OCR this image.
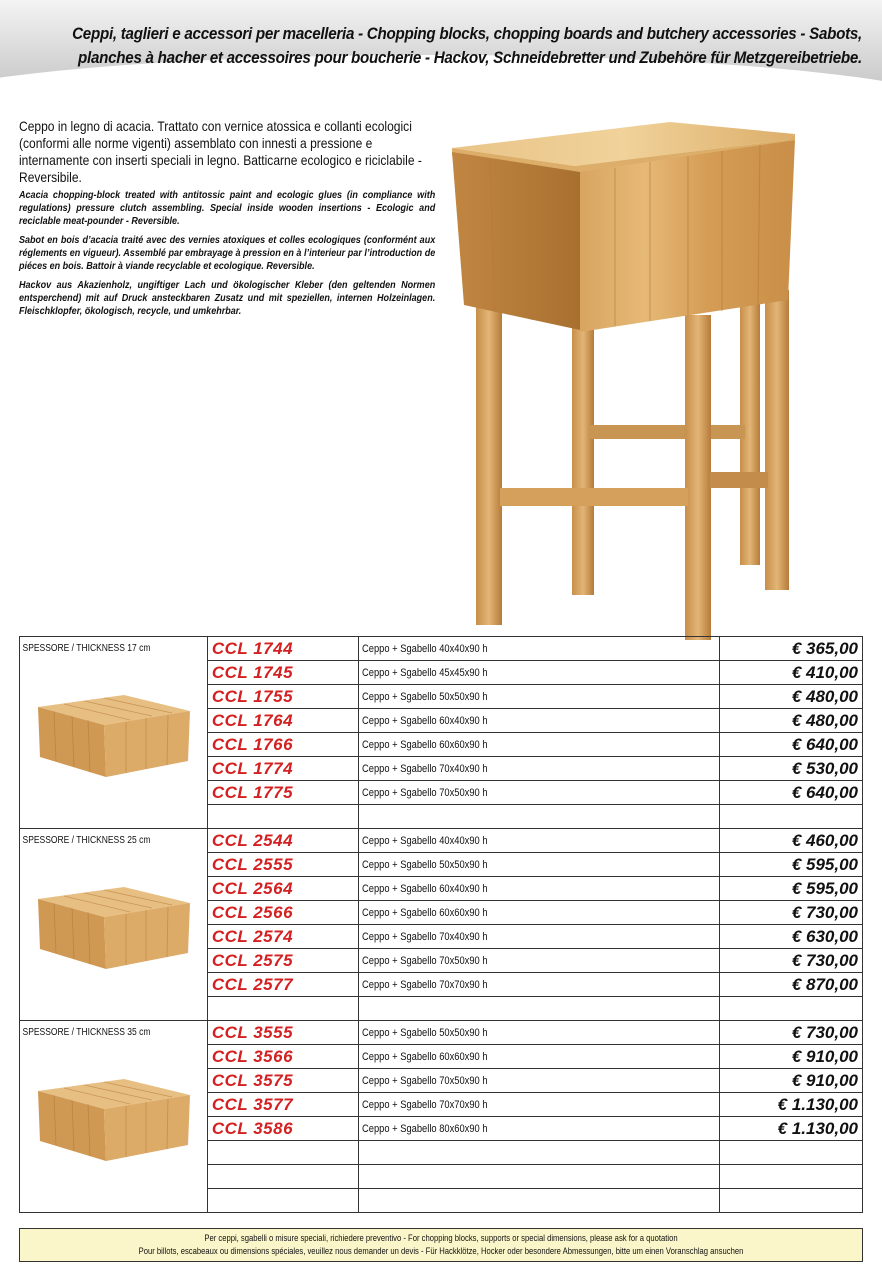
Ceppi, taglieri e accessori per macelleria - Chopping blocks, chopping boards and butchery accessories - Sabots,
planches à hacher et accessoires pour boucherie - Hackov, Schneidebretter und Zubehöre für Metzgereibetriebe.

Ceppo in legno di acacia. Trattato con vernice atossica e collanti ecologici (conformi alle norme vigenti) assemblato con innesti a pressione e internamente con inserti speciali in legno. Batticarne ecologico e riciclabile - Reversibile.

Acacia chopping-block treated with antitossic paint and ecologic glues (in compliance with regulations) pressure clutch assembling. Special inside wooden insertions - Ecologic and reciclable meat-pounder - Reversible.

Sabot en bois d’acacia traité avec des vernies atoxiques et colles ecologiques (conformént aux réglements en vigueur). Assemblé par embrayage à pression en à l’interieur par l’introduction de piéces en bois. Battoir à viande recyclable et ecologique. Reversible.

Hackov aus Akazienholz, ungiftiger Lach und ökologischer Kleber (den geltenden Normen entsperchend) mit auf Druck ansteckbaren Zusatz und mit speziellen, internen Holzeinlagen. Fleischklopfer, ökologisch, recycle, und umkehrbar.

SPESSORE / THICKNESS 17 cm	CCL 1744	Ceppo + Sgabello 40x40x90 h	€ 365,00
	CCL 1745	Ceppo + Sgabello 45x45x90 h	€ 410,00
	CCL 1755	Ceppo + Sgabello 50x50x90 h	€ 480,00
	CCL 1764	Ceppo + Sgabello 60x40x90 h	€ 480,00
	CCL 1766	Ceppo + Sgabello 60x60x90 h	€ 640,00
	CCL 1774	Ceppo + Sgabello 70x40x90 h	€ 530,00
	CCL 1775	Ceppo + Sgabello 70x50x90 h	€ 640,00

SPESSORE / THICKNESS 25 cm	CCL 2544	Ceppo + Sgabello 40x40x90 h	€ 460,00
	CCL 2555	Ceppo + Sgabello 50x50x90 h	€ 595,00
	CCL 2564	Ceppo + Sgabello 60x40x90 h	€ 595,00
	CCL 2566	Ceppo + Sgabello 60x60x90 h	€ 730,00
	CCL 2574	Ceppo + Sgabello 70x40x90 h	€ 630,00
	CCL 2575	Ceppo + Sgabello 70x50x90 h	€ 730,00
	CCL 2577	Ceppo + Sgabello 70x70x90 h	€ 870,00

SPESSORE / THICKNESS 35 cm	CCL 3555	Ceppo + Sgabello 50x50x90 h	€ 730,00
	CCL 3566	Ceppo + Sgabello 60x60x90 h	€ 910,00
	CCL 3575	Ceppo + Sgabello 70x50x90 h	€ 910,00
	CCL 3577	Ceppo + Sgabello 70x70x90 h	€ 1.130,00
	CCL 3586	Ceppo + Sgabello 80x60x90 h	€ 1.130,00

Per ceppi, sgabelli o misure speciali, richiedere preventivo - For chopping blocks, supports or special dimensions, please ask for a quotation
Pour billots, escabeaux ou dimensions spéciales, veuillez nous demander un devis - Für Hackklötze, Hocker oder besondere Abmessungen, bitte um einen Voranschlag ansuchen
